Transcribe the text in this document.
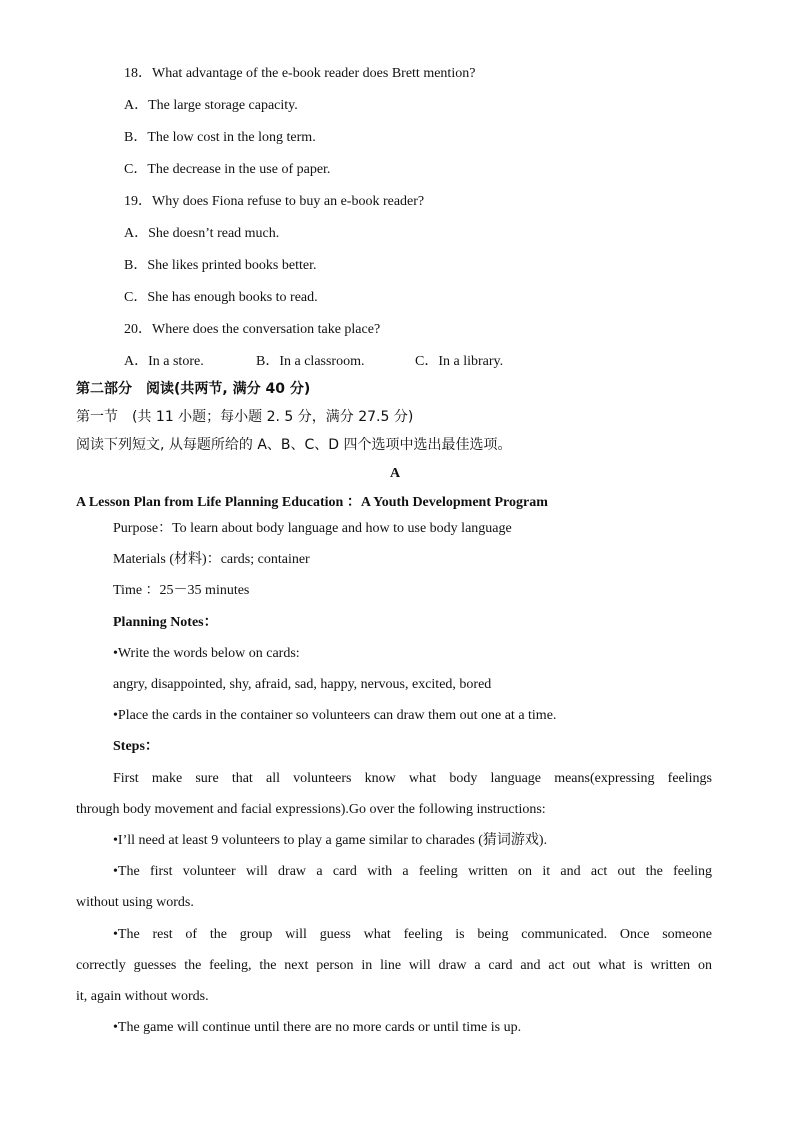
18．What advantage of the e-book reader does Brett mention?
A．The large storage capacity.
B．The low cost in the long term.
C．The decrease in the use of paper.
19．Why does Fiona refuse to buy an e-book reader?
A．She doesn’t read much.
B．She likes printed books better.
C．She has enough books to read.
20．Where does the conversation take place?
A．In a store.	B．In a classroom.	C．In a library.
第二部分　阅读(共两节, 满分 40 分)
第一节　(共 11 小题；每小题 2. 5 分，满分 27.5 分)
阅读下列短文, 从每题所给的 A、B、C、D 四个选项中选出最佳选项。
A
A Lesson Plan from Life Planning Education ：A Youth Development Program
Purpose：To learn about body language and how to use body language
Materials (材料)：cards; container
Time ：25－35 minutes
Planning Notes：
•Write the words below on cards:
angry, disappointed, shy, afraid, sad, happy, nervous, excited, bored
•Place the cards in the container so volunteers can draw them out one at a time.
Steps：
First make sure that all volunteers know what body language means(expressing feelings
through body movement and facial expressions).Go over the following instructions:
•I’ll need at least 9 volunteers to play a game similar to charades (猜词游戏).
•The first volunteer will draw a card with a feeling written on it and act out the feeling
without using words.
•The rest of the group will guess what feeling is being communicated. Once someone
correctly guesses the feeling, the next person in line will draw a card and act out what is written on
it, again without words.
•The game will continue until there are no more cards or until time is up.
